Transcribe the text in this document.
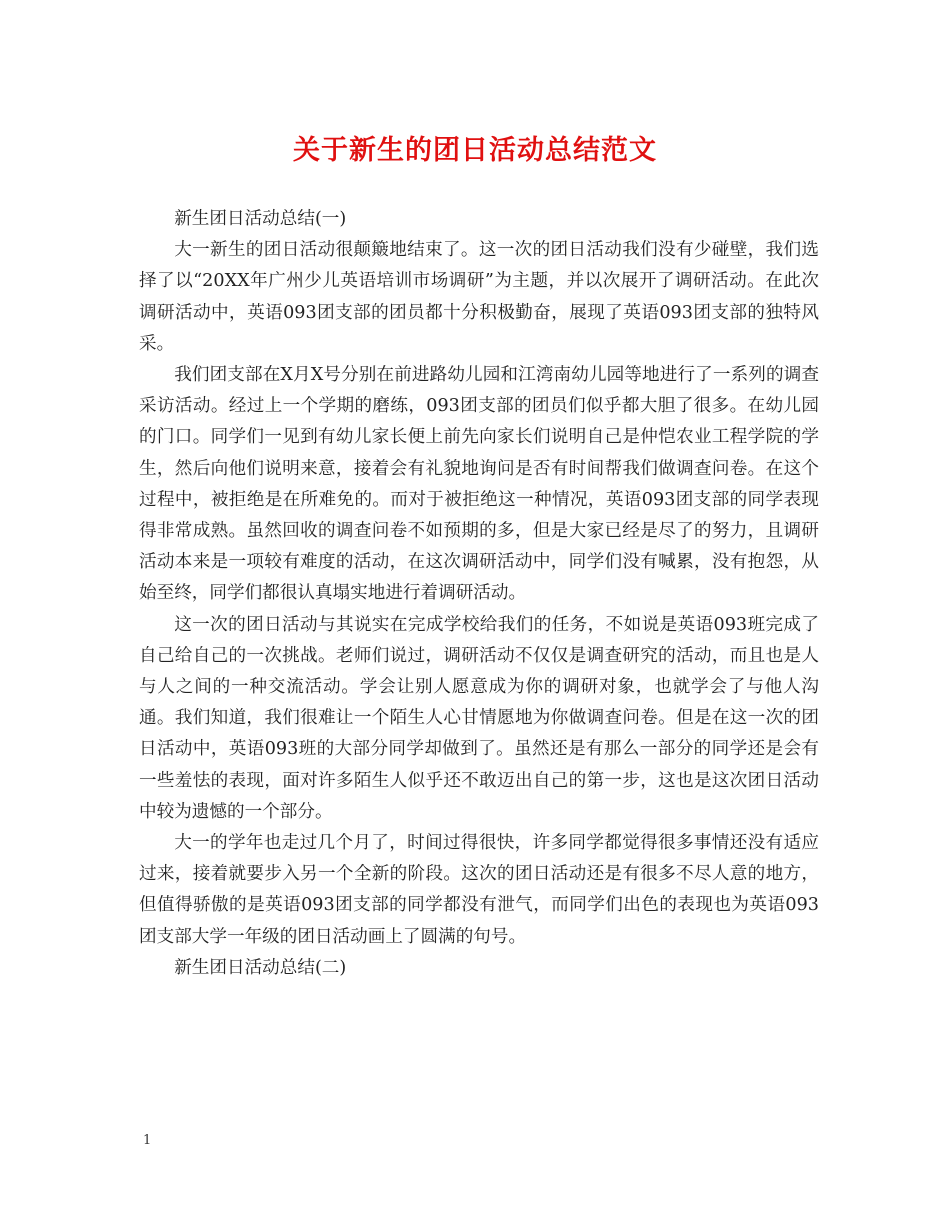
关于新生的团日活动总结范文

新生团日活动总结(一)

大一新生的团日活动很颠簸地结束了。这一次的团日活动我们没有少碰壁，我们选择了以“20XX年广州少儿英语培训市场调研”为主题，并以次展开了调研活动。在此次调研活动中，英语093团支部的团员都十分积极勤奋，展现了英语093团支部的独特风采。

我们团支部在X月X号分别在前进路幼儿园和江湾南幼儿园等地进行了一系列的调查采访活动。经过上一个学期的磨练，093团支部的团员们似乎都大胆了很多。在幼儿园的门口。同学们一见到有幼儿家长便上前先向家长们说明自己是仲恺农业工程学院的学生，然后向他们说明来意，接着会有礼貌地询问是否有时间帮我们做调查问卷。在这个过程中，被拒绝是在所难免的。而对于被拒绝这一种情况，英语093团支部的同学表现得非常成熟。虽然回收的调查问卷不如预期的多，但是大家已经是尽了的努力，且调研活动本来是一项较有难度的活动，在这次调研活动中，同学们没有喊累，没有抱怨，从始至终，同学们都很认真塌实地进行着调研活动。

这一次的团日活动与其说实在完成学校给我们的任务，不如说是英语093班完成了自己给自己的一次挑战。老师们说过，调研活动不仅仅是调查研究的活动，而且也是人与人之间的一种交流活动。学会让别人愿意成为你的调研对象，也就学会了与他人沟通。我们知道，我们很难让一个陌生人心甘情愿地为你做调查问卷。但是在这一次的团日活动中，英语093班的大部分同学却做到了。虽然还是有那么一部分的同学还是会有一些羞怯的表现，面对许多陌生人似乎还不敢迈出自己的第一步，这也是这次团日活动中较为遗憾的一个部分。

大一的学年也走过几个月了，时间过得很快，许多同学都觉得很多事情还没有适应过来，接着就要步入另一个全新的阶段。这次的团日活动还是有很多不尽人意的地方，但值得骄傲的是英语093团支部的同学都没有泄气，而同学们出色的表现也为英语093团支部大学一年级的团日活动画上了圆满的句号。

新生团日活动总结(二)

1
